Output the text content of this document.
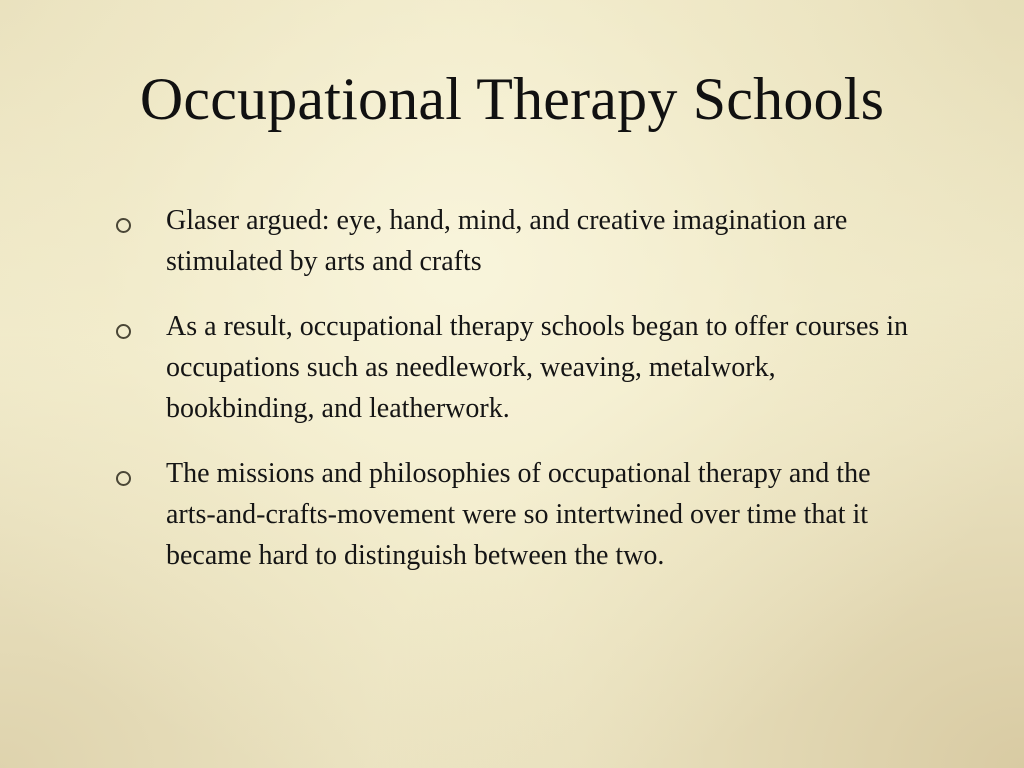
Occupational Therapy Schools
Glaser argued: eye, hand, mind, and creative imagination are stimulated by arts and crafts
As a result, occupational therapy schools began to offer courses in occupations such as needlework, weaving, metalwork, bookbinding, and leatherwork.
The missions and philosophies of occupational therapy and the arts-and-crafts-movement were so intertwined over time that it became hard to distinguish between the two.
